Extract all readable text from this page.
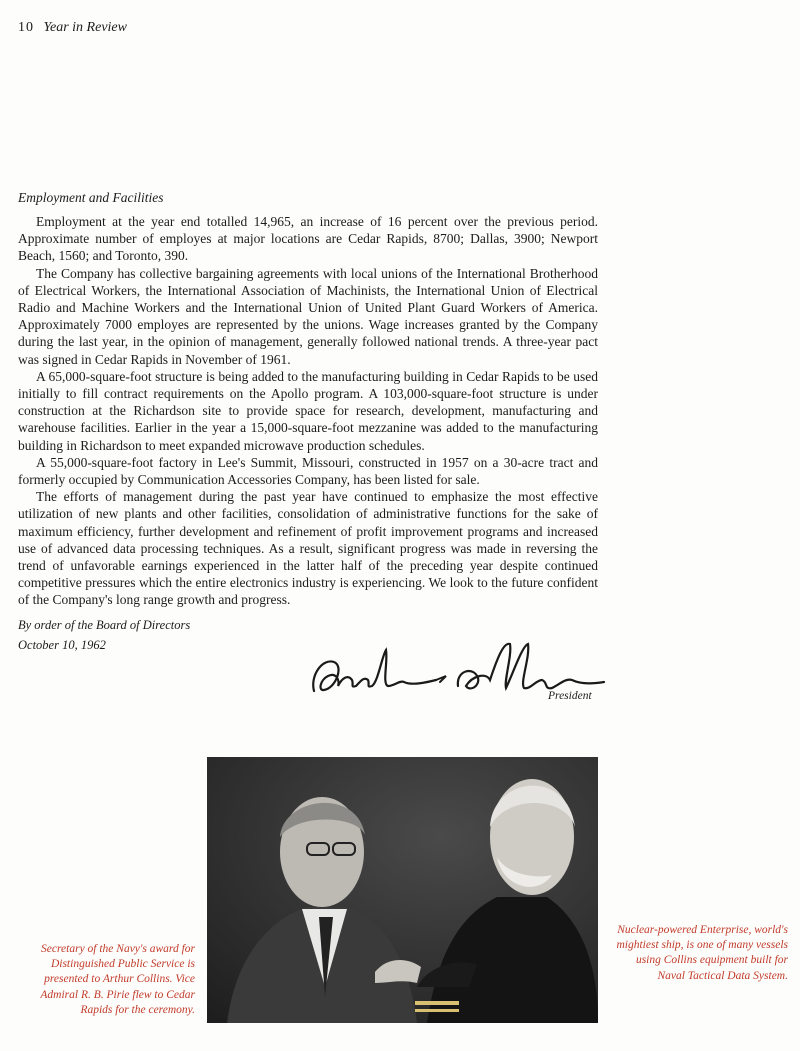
10 Year in Review
Employment and Facilities

Employment at the year end totalled 14,965, an increase of 16 percent over the previous period. Approximate number of employes at major locations are Cedar Rapids, 8700; Dallas, 3900; Newport Beach, 1560; and Toronto, 390.

The Company has collective bargaining agreements with local unions of the International Brotherhood of Electrical Workers, the International Association of Machinists, the International Union of Electrical Radio and Machine Workers and the International Union of United Plant Guard Workers of America. Approximately 7000 employes are represented by the unions. Wage increases granted by the Company during the last year, in the opinion of management, generally followed national trends. A three-year pact was signed in Cedar Rapids in November of 1961.

A 65,000-square-foot structure is being added to the manufacturing building in Cedar Rapids to be used initially to fill contract requirements on the Apollo program. A 103,000-square-foot structure is under construction at the Richardson site to provide space for research, development, manufacturing and warehouse facilities. Earlier in the year a 15,000-square-foot mezzanine was added to the manufacturing building in Richardson to meet expanded microwave production schedules.

A 55,000-square-foot factory in Lee's Summit, Missouri, constructed in 1957 on a 30-acre tract and formerly occupied by Communication Accessories Company, has been listed for sale.

The efforts of management during the past year have continued to emphasize the most effective utilization of new plants and other facilities, consolidation of administrative functions for the sake of maximum efficiency, further development and refinement of profit improvement programs and increased use of advanced data processing techniques. As a result, significant progress was made in reversing the trend of unfavorable earnings experienced in the latter half of the preceding year despite continued competitive pressures which the entire electronics industry is experiencing. We look to the future confident of the Company's long range growth and progress.

By order of the Board of Directors
October 10, 1962
President
Secretary of the Navy's award for Distinguished Public Service is presented to Arthur Collins. Vice Admiral R. B. Pirie flew to Cedar Rapids for the ceremony.
Nuclear-powered Enterprise, world's mightiest ship, is one of many vessels using Collins equipment built for Naval Tactical Data System.
